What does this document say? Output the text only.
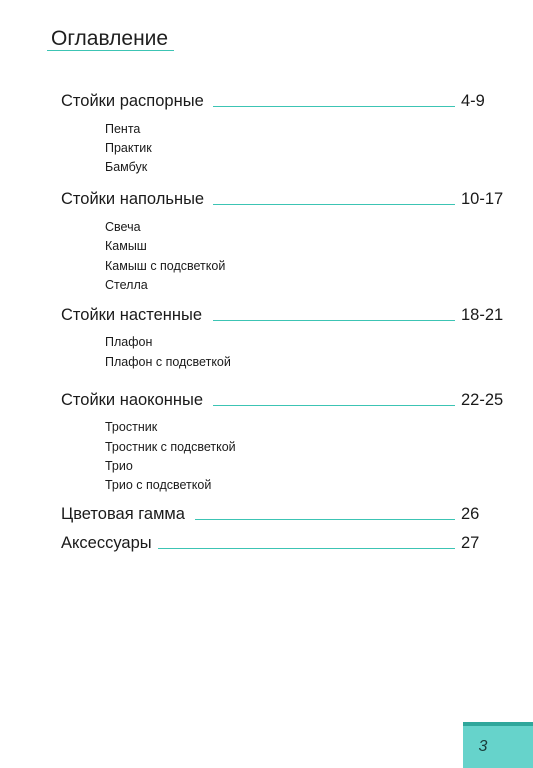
Оглавление
Стойки распорные	4-9
Пента
Практик
Бамбук
Стойки напольные	10-17
Свеча
Камыш
Камыш с подсветкой
Стелла
Стойки настенные	18-21
Плафон
Плафон с подсветкой
Стойки наоконные	22-25
Тростник
Тростник с подсветкой
Трио
Трио с подсветкой
Цветовая гамма	26
Аксессуары	27
3
